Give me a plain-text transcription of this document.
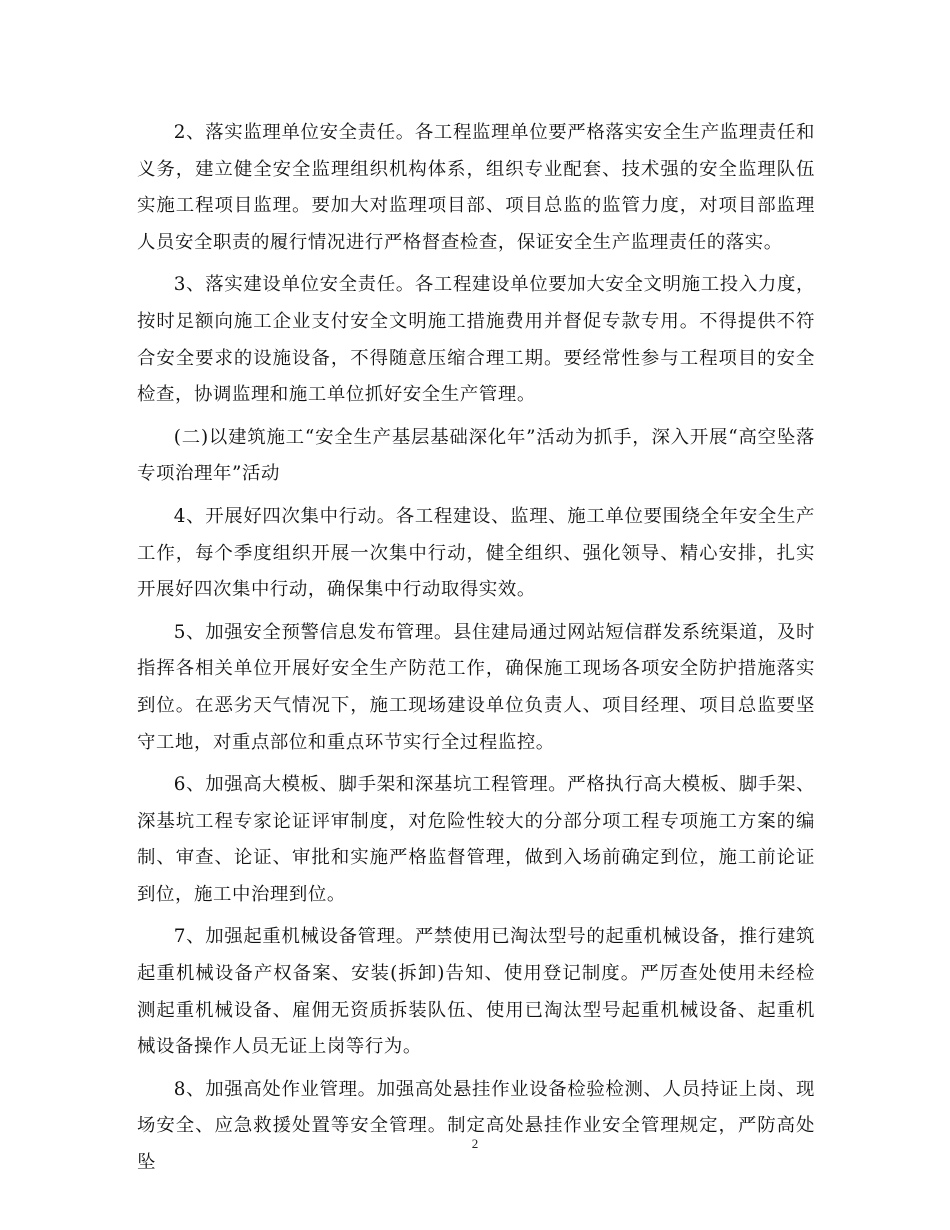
2、落实监理单位安全责任。各工程监理单位要严格落实安全生产监理责任和义务，建立健全安全监理组织机构体系，组织专业配套、技术强的安全监理队伍实施工程项目监理。要加大对监理项目部、项目总监的监管力度，对项目部监理人员安全职责的履行情况进行严格督查检查，保证安全生产监理责任的落实。

3、落实建设单位安全责任。各工程建设单位要加大安全文明施工投入力度，按时足额向施工企业支付安全文明施工措施费用并督促专款专用。不得提供不符合安全要求的设施设备，不得随意压缩合理工期。要经常性参与工程项目的安全检查，协调监理和施工单位抓好安全生产管理。

(二)以建筑施工“安全生产基层基础深化年”活动为抓手，深入开展“高空坠落专项治理年”活动

4、开展好四次集中行动。各工程建设、监理、施工单位要围绕全年安全生产工作，每个季度组织开展一次集中行动，健全组织、强化领导、精心安排，扎实开展好四次集中行动，确保集中行动取得实效。

5、加强安全预警信息发布管理。县住建局通过网站短信群发系统渠道，及时指挥各相关单位开展好安全生产防范工作，确保施工现场各项安全防护措施落实到位。在恶劣天气情况下，施工现场建设单位负责人、项目经理、项目总监要坚守工地，对重点部位和重点环节实行全过程监控。

6、加强高大模板、脚手架和深基坑工程管理。严格执行高大模板、脚手架、深基坑工程专家论证评审制度，对危险性较大的分部分项工程专项施工方案的编制、审查、论证、审批和实施严格监督管理，做到入场前确定到位，施工前论证到位，施工中治理到位。

7、加强起重机械设备管理。严禁使用已淘汰型号的起重机械设备，推行建筑起重机械设备产权备案、安装(拆卸)告知、使用登记制度。严厉查处使用未经检测起重机械设备、雇佣无资质拆装队伍、使用已淘汰型号起重机械设备、起重机械设备操作人员无证上岗等行为。

8、加强高处作业管理。加强高处悬挂作业设备检验检测、人员持证上岗、现场安全、应急救援处置等安全管理。制定高处悬挂作业安全管理规定，严防高处坠

2
